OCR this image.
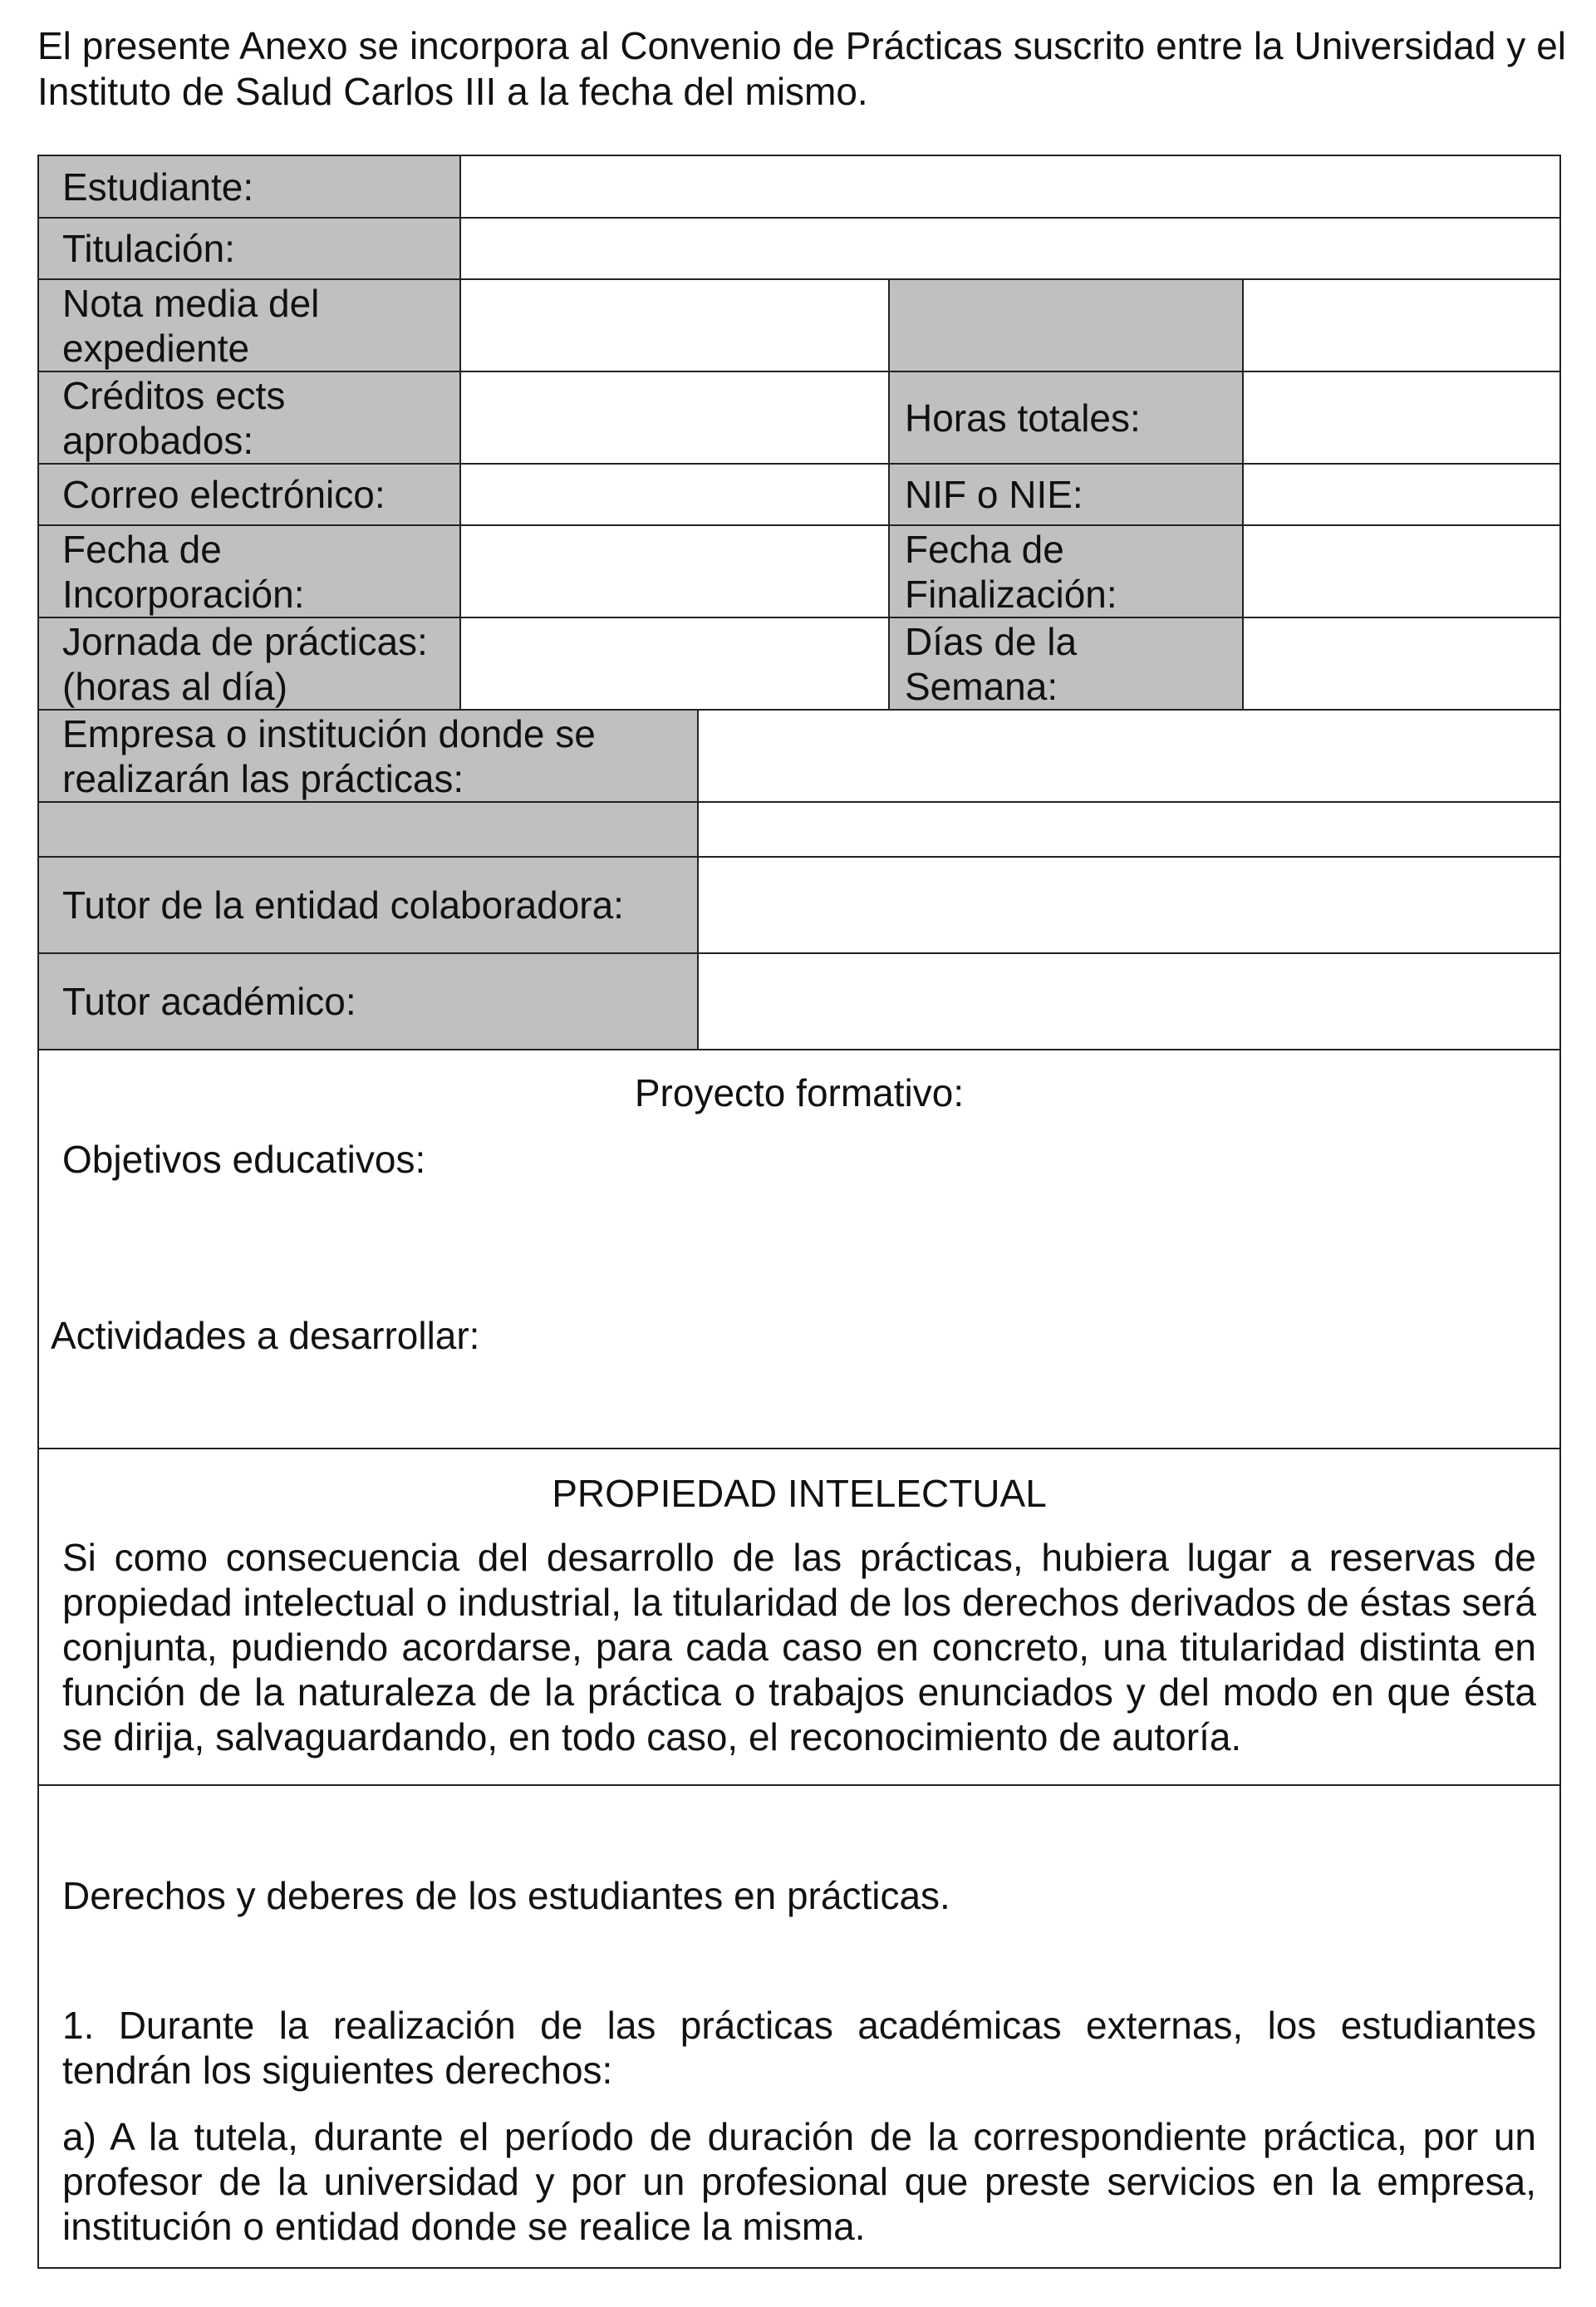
El presente Anexo se incorpora al Convenio de Prácticas suscrito entre la Universidad y el Instituto de Salud Carlos III a la fecha del mismo.

Estudiante:
Titulación:
Nota media del expediente
Créditos ects aprobados:
Horas totales:
Correo electrónico:	NIF o NIE:
Fecha de Incorporación:
Fecha de Finalización:
Jornada de prácticas: (horas al día)
Días de la Semana:
Empresa o institución donde se realizarán las prácticas:
Tutor de la entidad colaboradora:
Tutor académico:

Proyecto formativo:

Objetivos educativos:

Actividades a desarrollar:

PROPIEDAD INTELECTUAL

Si como consecuencia del desarrollo de las prácticas, hubiera lugar a reservas de propiedad intelectual o industrial, la titularidad de los derechos derivados de éstas será conjunta, pudiendo acordarse, para cada caso en concreto, una titularidad distinta en función de la naturaleza de la práctica o trabajos enunciados y del modo en que ésta se dirija, salvaguardando, en todo caso, el reconocimiento de autoría.

Derechos y deberes de los estudiantes en prácticas.

1. Durante la realización de las prácticas académicas externas, los estudiantes tendrán los siguientes derechos:

a) A la tutela, durante el período de duración de la correspondiente práctica, por un profesor de la universidad y por un profesional que preste servicios en la empresa, institución o entidad donde se realice la misma.
